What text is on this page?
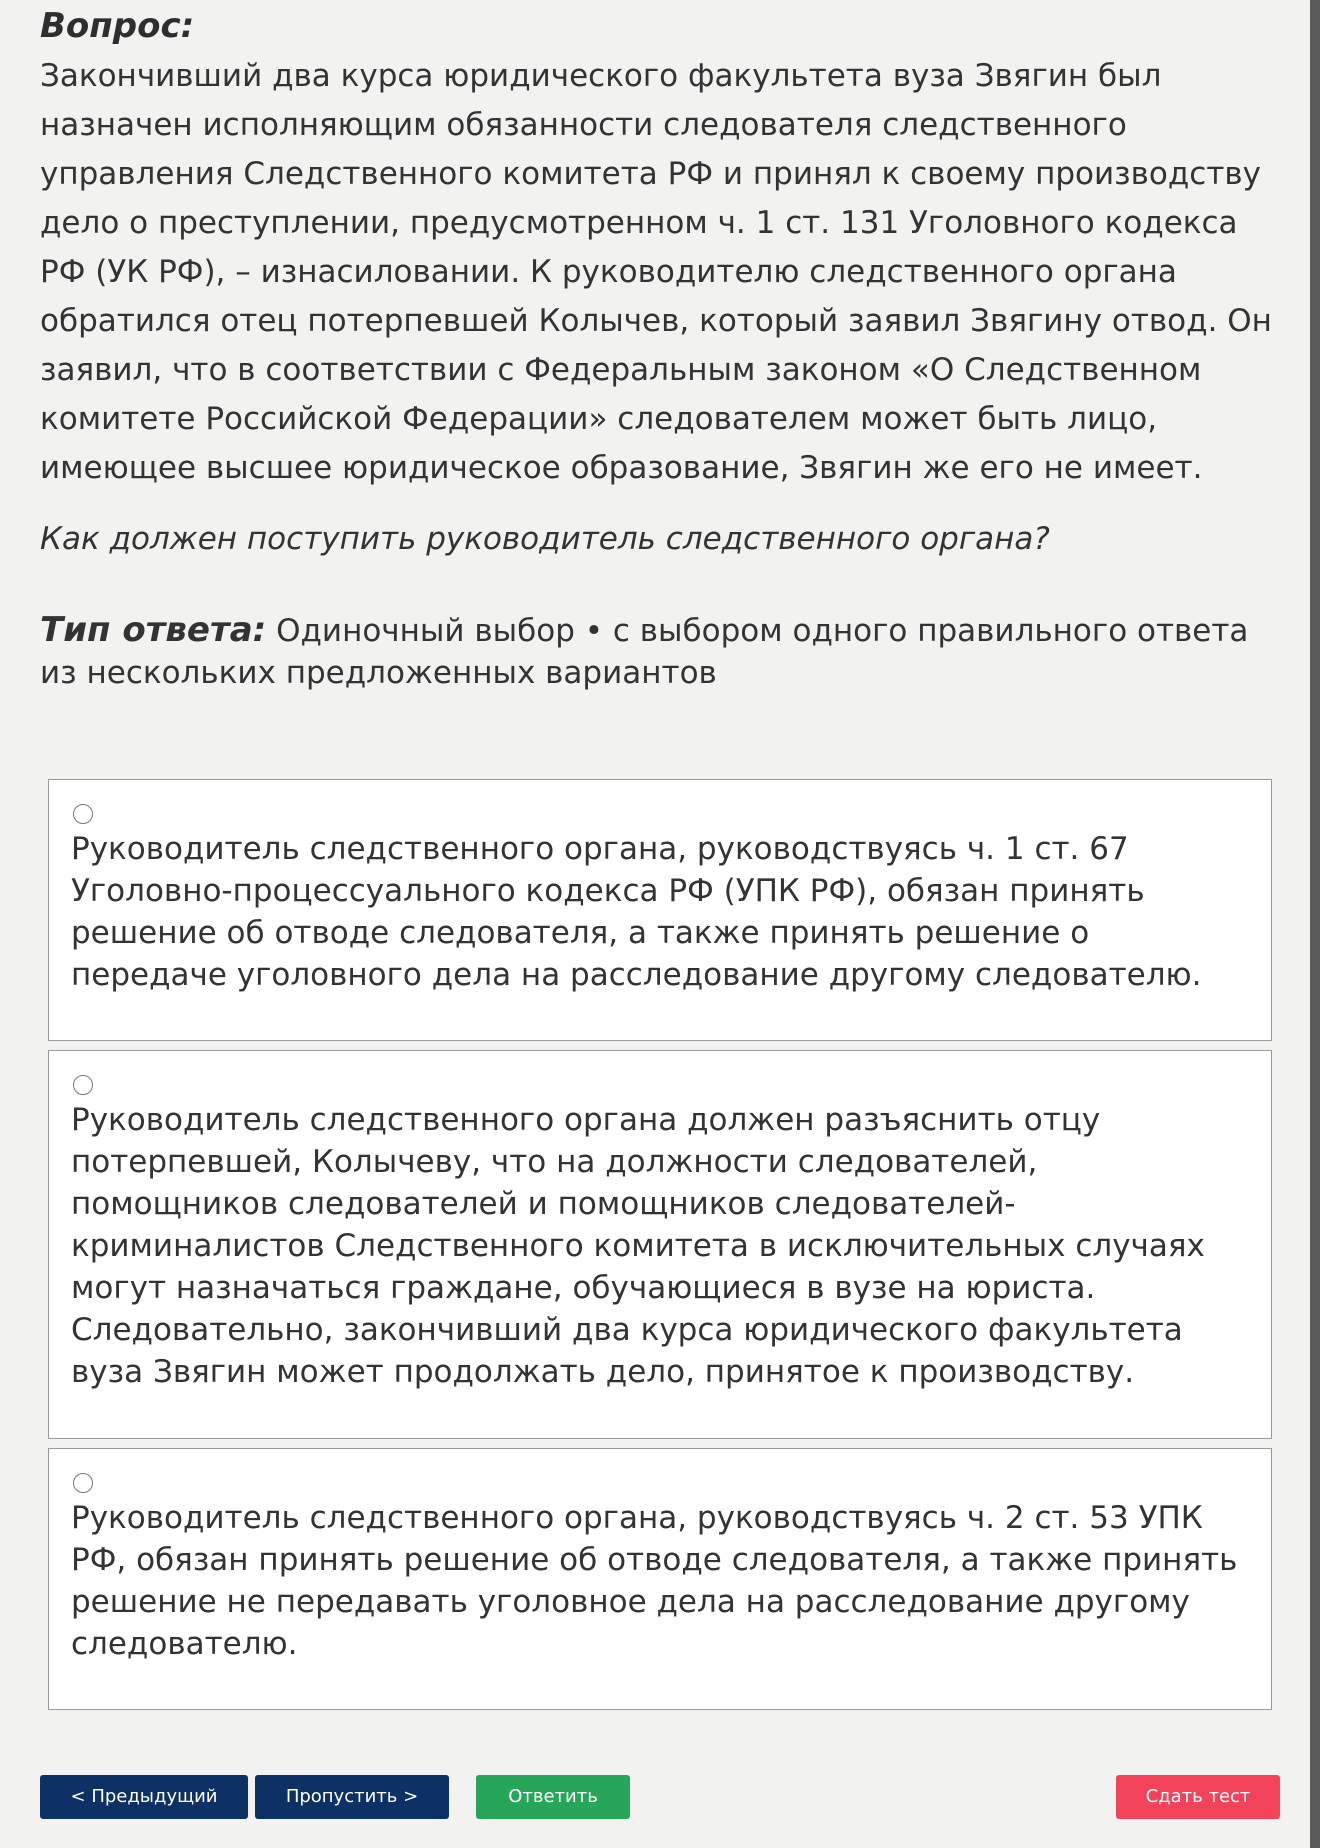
Вопрос:

Закончивший два курса юридического факультета вуза Звягин был назначен исполняющим обязанности следователя следственного управления Следственного комитета РФ и принял к своему производству дело о преступлении, предусмотренном ч. 1 ст. 131 Уголовного кодекса РФ (УК РФ), – изнасиловании. К руководителю следственного органа обратился отец потерпевшей Колычев, который заявил Звягину отвод. Он заявил, что в соответствии с Федеральным законом «О Следственном комитете Российской Федерации» следователем может быть лицо, имеющее высшее юридическое образование, Звягин же его не имеет.

Как должен поступить руководитель следственного органа?

Тип ответа: Одиночный выбор • с выбором одного правильного ответа из нескольких предложенных вариантов

Руководитель следственного органа, руководствуясь ч. 1 ст. 67 Уголовно-процессуального кодекса РФ (УПК РФ), обязан принять решение об отводе следователя, а также принять решение о передаче уголовного дела на расследование другому следователю.
Руководитель следственного органа должен разъяснить отцу потерпевшей, Колычеву, что на должности следователей, помощников следователей и помощников следователей-криминалистов Следственного комитета в исключительных случаях могут назначаться граждане, обучающиеся в вузе на юриста. Следовательно, закончивший два курса юридического факультета вуза Звягин может продолжать дело, принятое к производству.
Руководитель следственного органа, руководствуясь ч. 2 ст. 53 УПК РФ, обязан принять решение об отводе следователя, а также принять решение не передавать уголовное дела на расследование другому следователю.
< Предыдущий	Пропустить >	Ответить	Сдать тест
